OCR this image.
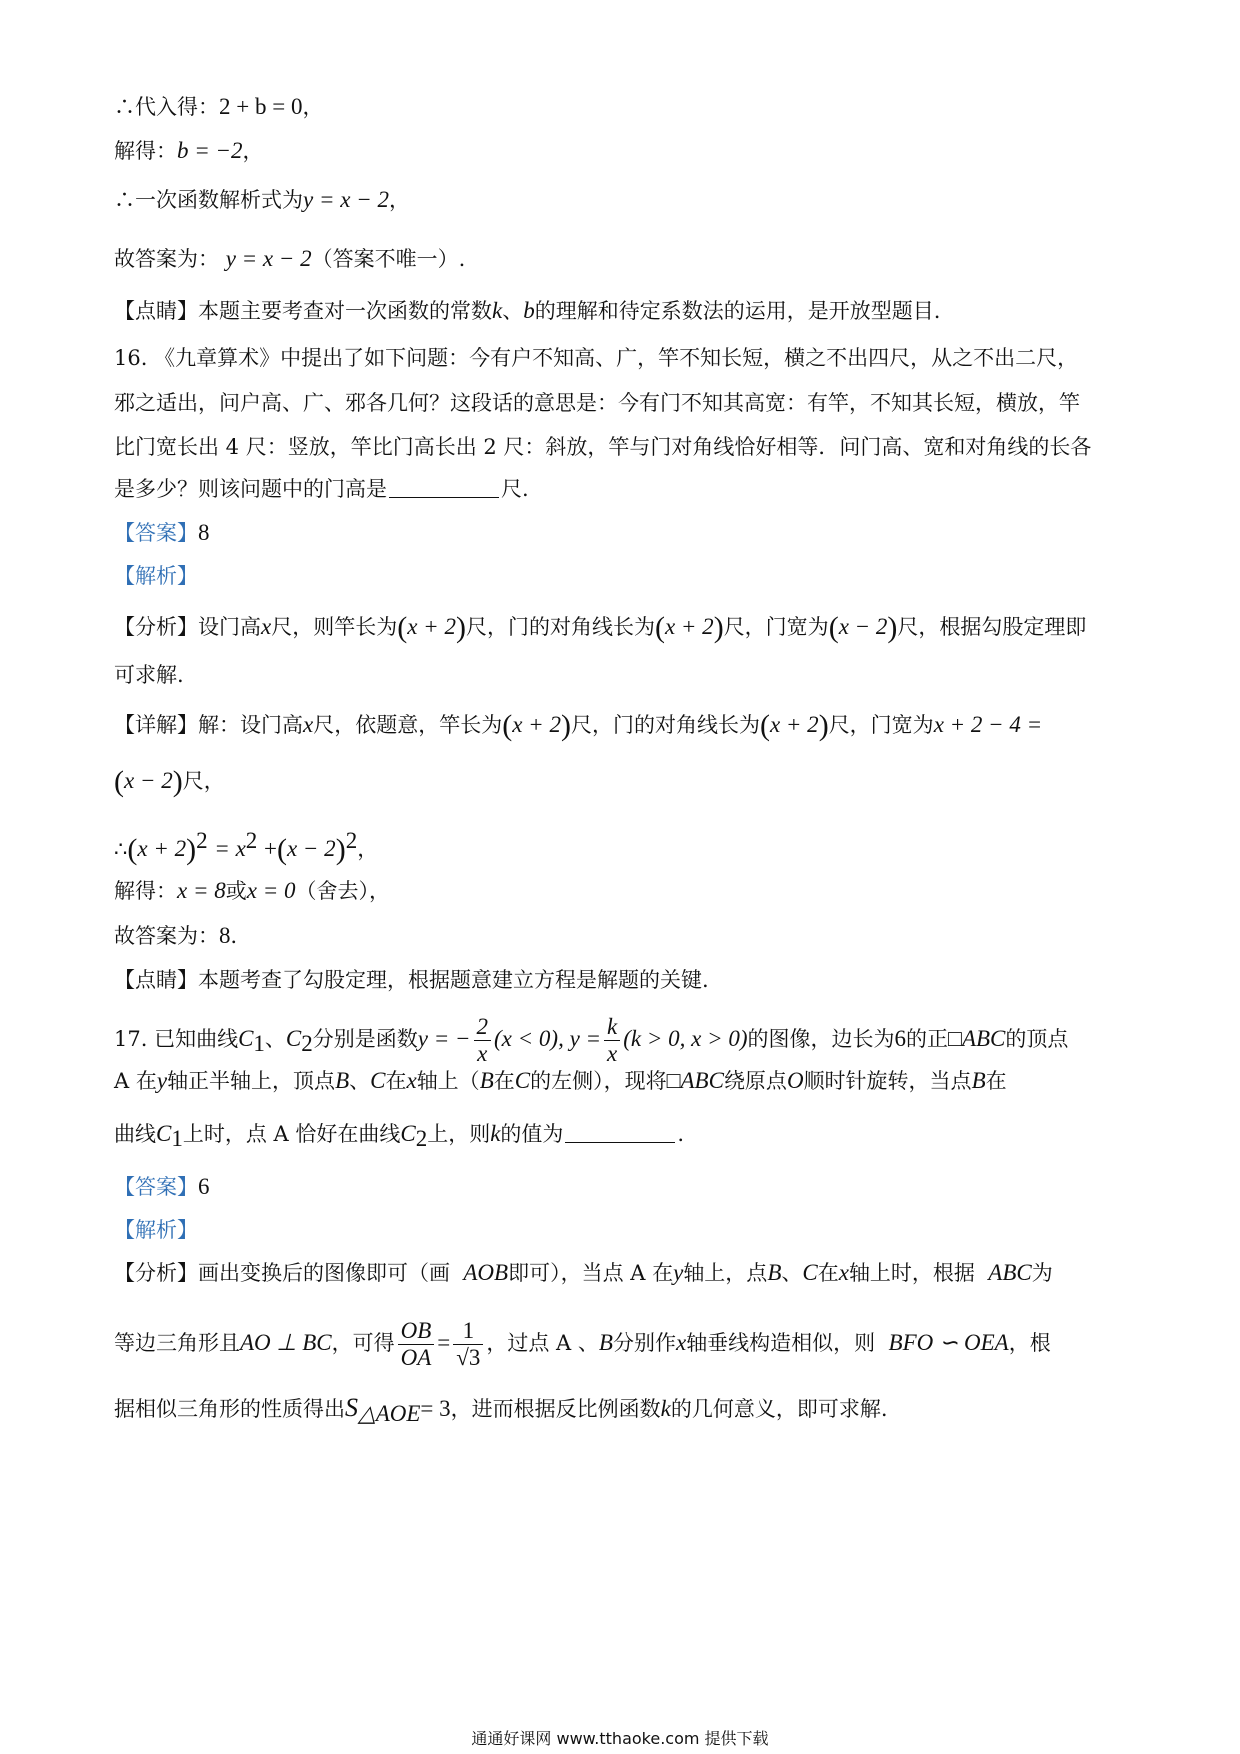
∴代入得：2 + b = 0，
解得：b = −2，
∴一次函数解析式为y = x − 2，
故答案为： y = x − 2（答案不唯一）.
【点睛】本题主要考查对一次函数的常数k、b的理解和待定系数法的运用，是开放型题目.
16. 《九章算术》中提出了如下问题：今有户不知高、广，竿不知长短，横之不出四尺，从之不出二尺，
邪之适出，问户高、广、邪各几何？这段话的意思是：今有门不知其高宽：有竿，不知其长短，横放，竿
比门宽长出 4 尺：竖放，竿比门高长出 2 尺：斜放，竿与门对角线恰好相等．问门高、宽和对角线的长各
是多少？则该问题中的门高是	尺.
【答案】8
【解析】
【分析】设门高x尺，则竿长为(x + 2)尺，门的对角线长为(x + 2)尺，门宽为(x − 2)尺，根据勾股定理即
可求解.
【详解】解：设门高x尺，依题意，竿长为(x + 2)尺，门的对角线长为(x + 2)尺，门宽为x + 2 − 4 =
(x − 2)尺，
∴(x + $2)^2 = x^2 +(x - 2)^2$，
解得：x = 8或x = 0（舍去），
故答案为：8．
【点睛】本题考查了勾股定理，根据题意建立方程是解题的关键.
17. 已知曲线$C_1$、$C_2$分别是函数y = − $\frac{2}{x} (x < 0)$, $y = \frac{k}{x} (k > 0$, x > 0)的图像，边长为6的正□ABC的顶点
A 在y轴正半轴上，顶点B、C在x轴上（B在C的左侧），现将□ABC绕原点O顺时针旋转，当点B在
曲线$C_1$上时，点 A 恰好在曲线$C_2$上，则k的值为	.
【答案】6
【解析】
【分析】画出变换后的图像即可（画 AOB即可），当点 A 在y轴上，点B、C在x轴上时，根据 ABC为
等边三角形且AO ⊥ BC，可得 $\frac{OB}{OA} = \frac{1}{√3}$ ，过点 A 、B分别作x轴垂线构造相似，则 BFO ∽ OEA，根
据相似三角形的性质得出$S_{\triangle AOE}= 3$，进而根据反比例函数k的几何意义，即可求解.
通通好课网 www.tthaoke.com 提供下载
